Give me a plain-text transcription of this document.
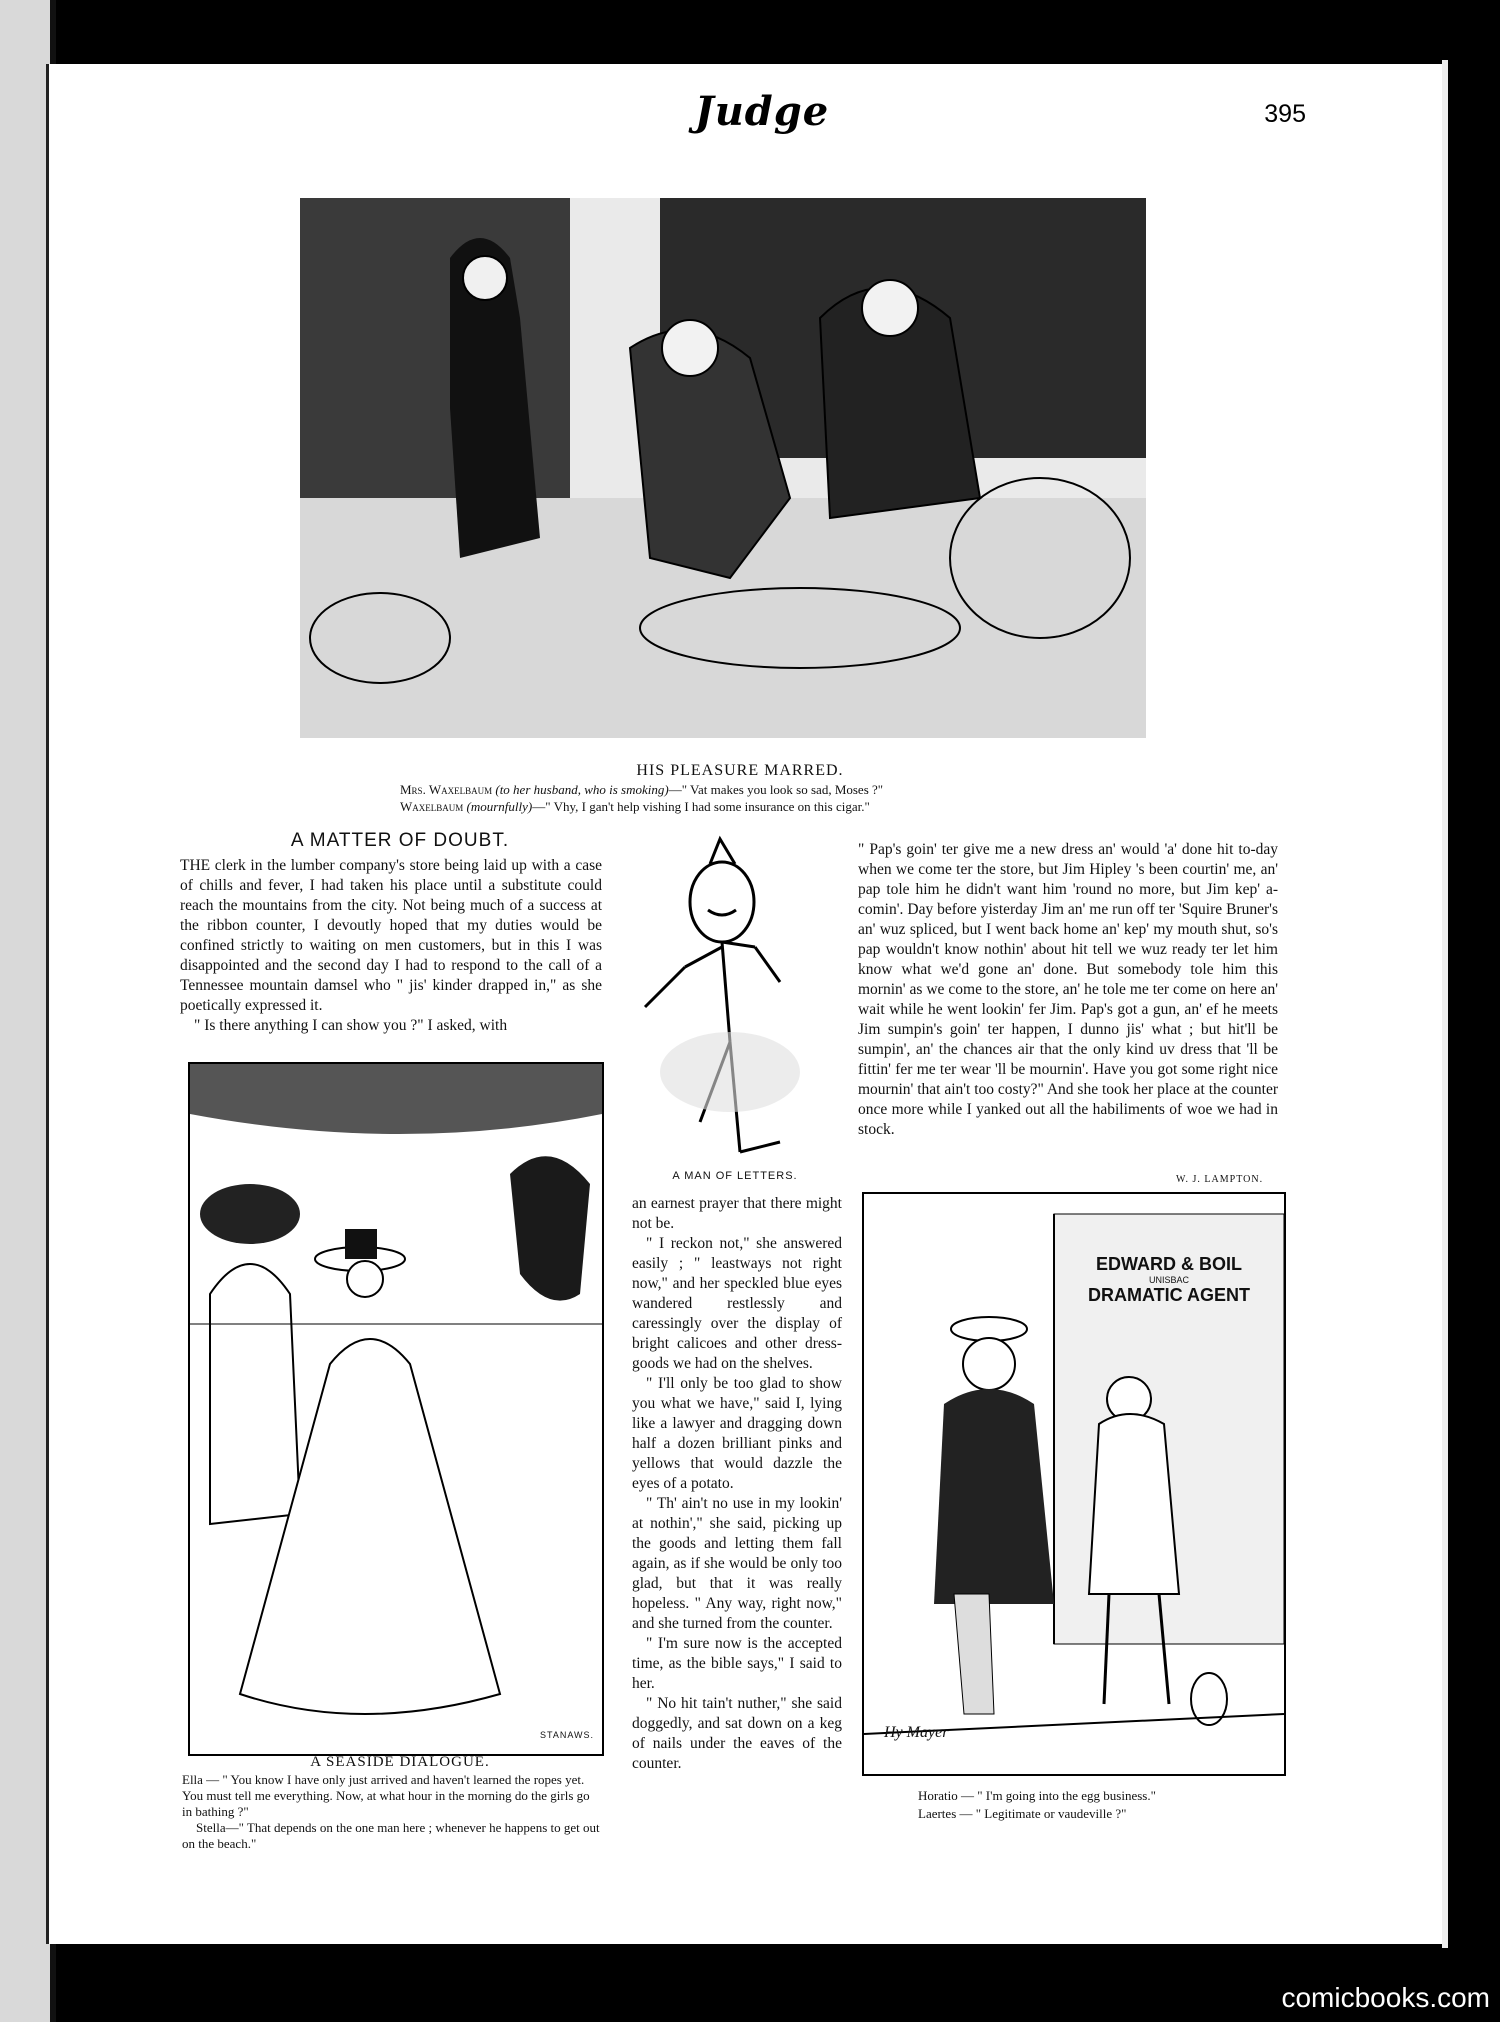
Judge	395
HIS PLEASURE MARRED.
Mrs. Waxelbaum (to her husband, who is smoking)—" Vat makes you look so sad, Moses ?"
Waxelbaum (mournfully)—" Vhy, I gan't help vishing I had some insurance on this cigar."
A MATTER OF DOUBT.

THE clerk in the lumber company's store being laid up with a case of chills and fever, I had taken his place until a substitute could reach the mountains from the city. Not being much of a success at the ribbon counter, I devoutly hoped that my duties would be confined strictly to waiting on men customers, but in this I was disappointed and the second day I had to respond to the call of a Tennessee mountain damsel who " jis' kinder drapped in," as she poetically expressed it.

" Is there anything I can show you ?" I asked, with

A MAN OF LETTERS.

" Pap's goin' ter give me a new dress an' would 'a' done hit to-day when we come ter the store, but Jim Hipley 's been courtin' me, an' pap tole him he didn't want him 'round no more, but Jim kep' a-comin'. Day before yisterday Jim an' me run off ter 'Squire Bruner's an' wuz spliced, but I went back home an' kep' my mouth shut, so's pap wouldn't know nothin' about hit tell we wuz ready ter let him know what we'd gone an' done. But somebody tole him this mornin' as we come to the store, an' he tole me ter come on here an' wait while he went lookin' fer Jim. Pap's got a gun, an' ef he meets Jim sumpin's goin' ter happen, I dunno jis' what ; but hit'll be sumpin', an' the chances air that the only kind uv dress that 'll be fittin' fer me ter wear 'll be mournin'. Have you got some right nice mournin' that ain't too costy?" And she took her place at the counter once more while I yanked out all the habiliments of woe we had in stock.

W. J. LAMPTON.
STANAWS.
A SEASIDE DIALOGUE.
Ella — " You know I have only just arrived and haven't learned the ropes yet. You must tell me everything. Now, at what hour in the morning do the girls go in bathing ?"
Stella—" That depends on the one man here ; whenever he happens to get out on the beach."

an earnest prayer that there might not be.

" I reckon not," she answered easily ; " leastways not right now," and her speckled blue eyes wandered restlessly and caressingly over the display of bright calicoes and other dress-goods we had on the shelves.

" I'll only be too glad to show you what we have," said I, lying like a lawyer and dragging down half a dozen brilliant pinks and yellows that would dazzle the eyes of a potato.

" Th' ain't no use in my lookin' at nothin'," she said, picking up the goods and letting them fall again, as if she would be only too glad, but that it was really hopeless. " Any way, right now," and she turned from the counter.

" I'm sure now is the accepted time, as the bible says," I said to her.

" No hit tain't nuther," she said doggedly, and sat down on a keg of nails under the eaves of the counter.

EDWARD & BOIL
UNISBAC
DRAMATIC AGENT
Hy Mayer
Horatio — " I'm going into the egg business."
Laertes — " Legitimate or vaudeville ?"
comicbooks.com
